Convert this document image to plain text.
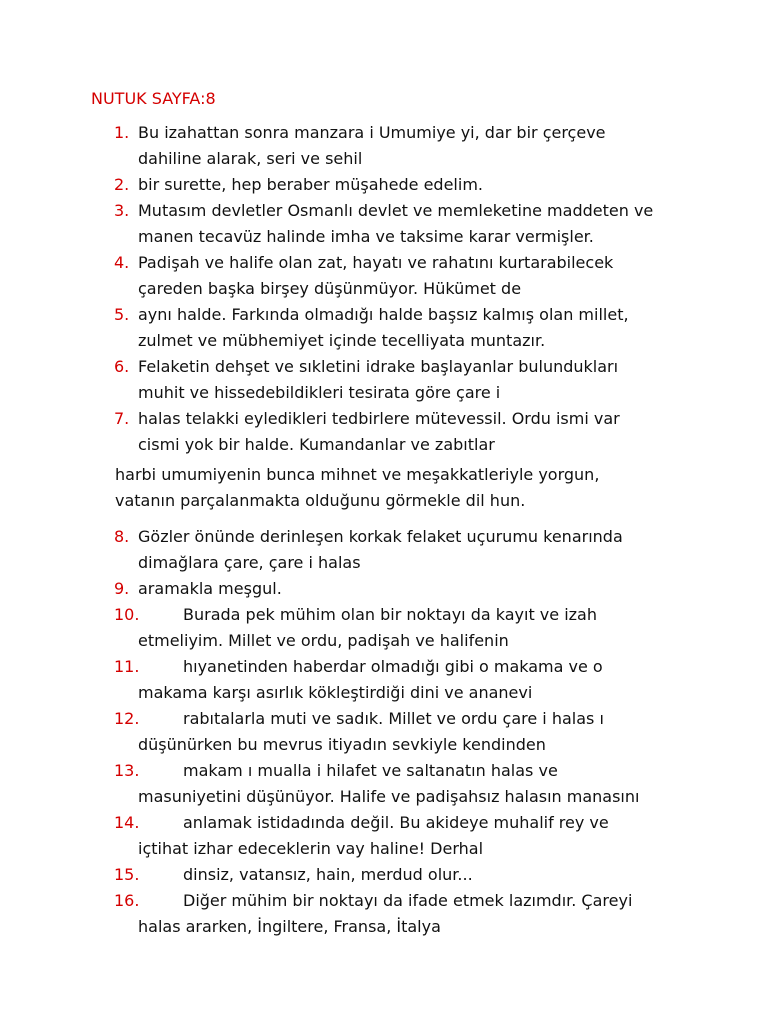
NUTUK SAYFA:8
1. Bu izahattan sonra manzara i Umumiye yi, dar bir çerçeve
dahiline alarak, seri ve sehil
2. bir surette, hep beraber müşahede edelim.
3. Mutasım devletler Osmanlı devlet ve memleketine maddeten ve
manen tecavüz halinde imha ve taksime karar vermişler.
4. Padişah ve halife olan zat, hayatı ve rahatını kurtarabilecek
çareden başka birşey düşünmüyor. Hükümet de
5. aynı halde. Farkında olmadığı halde başsız kalmış olan millet,
zulmet ve mübhemiyet içinde tecelliyata muntazır.
6. Felaketin dehşet ve sıkletini idrake başlayanlar bulundukları
muhit ve hissedebildikleri tesirata göre çare i
7. halas telakki eyledikleri tedbirlere mütevessil. Ordu ismi var
cismi yok bir halde. Kumandanlar ve zabıtlar

harbi umumiyenin bunca mihnet ve meşakkatleriyle yorgun,
vatanın parçalanmakta olduğunu görmekle dil hun.

8. Gözler önünde derinleşen korkak felaket uçurumu kenarında
dimağlara çare, çare i halas
9. aramakla meşgul.
10.	Burada pek mühim olan bir noktayı da kayıt ve izah
etmeliyim. Millet ve ordu, padişah ve halifenin
11.	hıyanetinden haberdar olmadığı gibi o makama ve o
makama karşı asırlık kökleştirdiği dini ve ananevi
12.	rabıtalarla muti ve sadık. Millet ve ordu çare i halas ı
düşünürken bu mevrus itiyadın sevkiyle kendinden
13.	makam ı mualla i hilafet ve saltanatın halas ve
masuniyetini düşünüyor. Halife ve padişahsız halasın manasını
14.	anlamak istidadında değil. Bu akideye muhalif rey ve
içtihat izhar edeceklerin vay haline! Derhal
15.	dinsiz, vatansız, hain, merdud olur...
16.	Diğer mühim bir noktayı da ifade etmek lazımdır. Çareyi
halas ararken, İngiltere, Fransa, İtalya
